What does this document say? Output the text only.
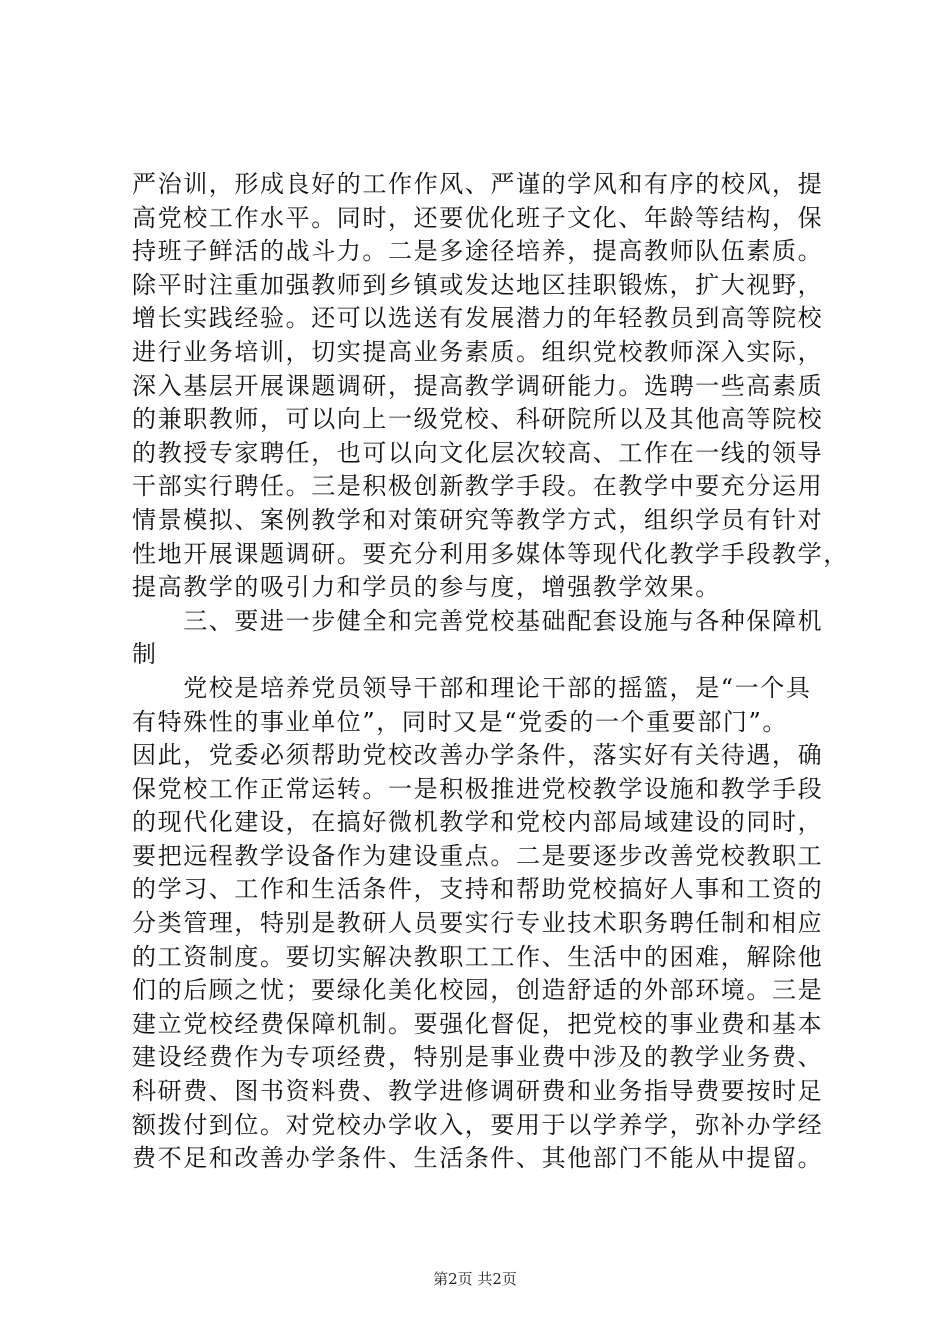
严治训，形成良好的工作作风、严谨的学风和有序的校风，提
高党校工作水平。同时，还要优化班子文化、年龄等结构，保
持班子鲜活的战斗力。二是多途径培养，提高教师队伍素质。
除平时注重加强教师到乡镇或发达地区挂职锻炼，扩大视野，
增长实践经验。还可以选送有发展潜力的年轻教员到高等院校
进行业务培训，切实提高业务素质。组织党校教师深入实际，
深入基层开展课题调研，提高教学调研能力。选聘一些高素质
的兼职教师，可以向上一级党校、科研院所以及其他高等院校
的教授专家聘任，也可以向文化层次较高、工作在一线的领导
干部实行聘任。三是积极创新教学手段。在教学中要充分运用
情景模拟、案例教学和对策研究等教学方式，组织学员有针对
性地开展课题调研。要充分利用多媒体等现代化教学手段教学，
提高教学的吸引力和学员的参与度，增强教学效果。
　　三、要进一步健全和完善党校基础配套设施与各种保障机
制
　　党校是培养党员领导干部和理论干部的摇篮，是“一个具
有特殊性的事业单位”，同时又是“党委的一个重要部门”。
因此，党委必须帮助党校改善办学条件，落实好有关待遇，确
保党校工作正常运转。一是积极推进党校教学设施和教学手段
的现代化建设，在搞好微机教学和党校内部局域建设的同时，
要把远程教学设备作为建设重点。二是要逐步改善党校教职工
的学习、工作和生活条件，支持和帮助党校搞好人事和工资的
分类管理，特别是教研人员要实行专业技术职务聘任制和相应
的工资制度。要切实解决教职工工作、生活中的困难，解除他
们的后顾之忧；要绿化美化校园，创造舒适的外部环境。三是
建立党校经费保障机制。要强化督促，把党校的事业费和基本
建设经费作为专项经费，特别是事业费中涉及的教学业务费、
科研费、图书资料费、教学进修调研费和业务指导费要按时足
额拨付到位。对党校办学收入，要用于以学养学，弥补办学经
费不足和改善办学条件、生活条件、其他部门不能从中提留。
第2页 共2页
